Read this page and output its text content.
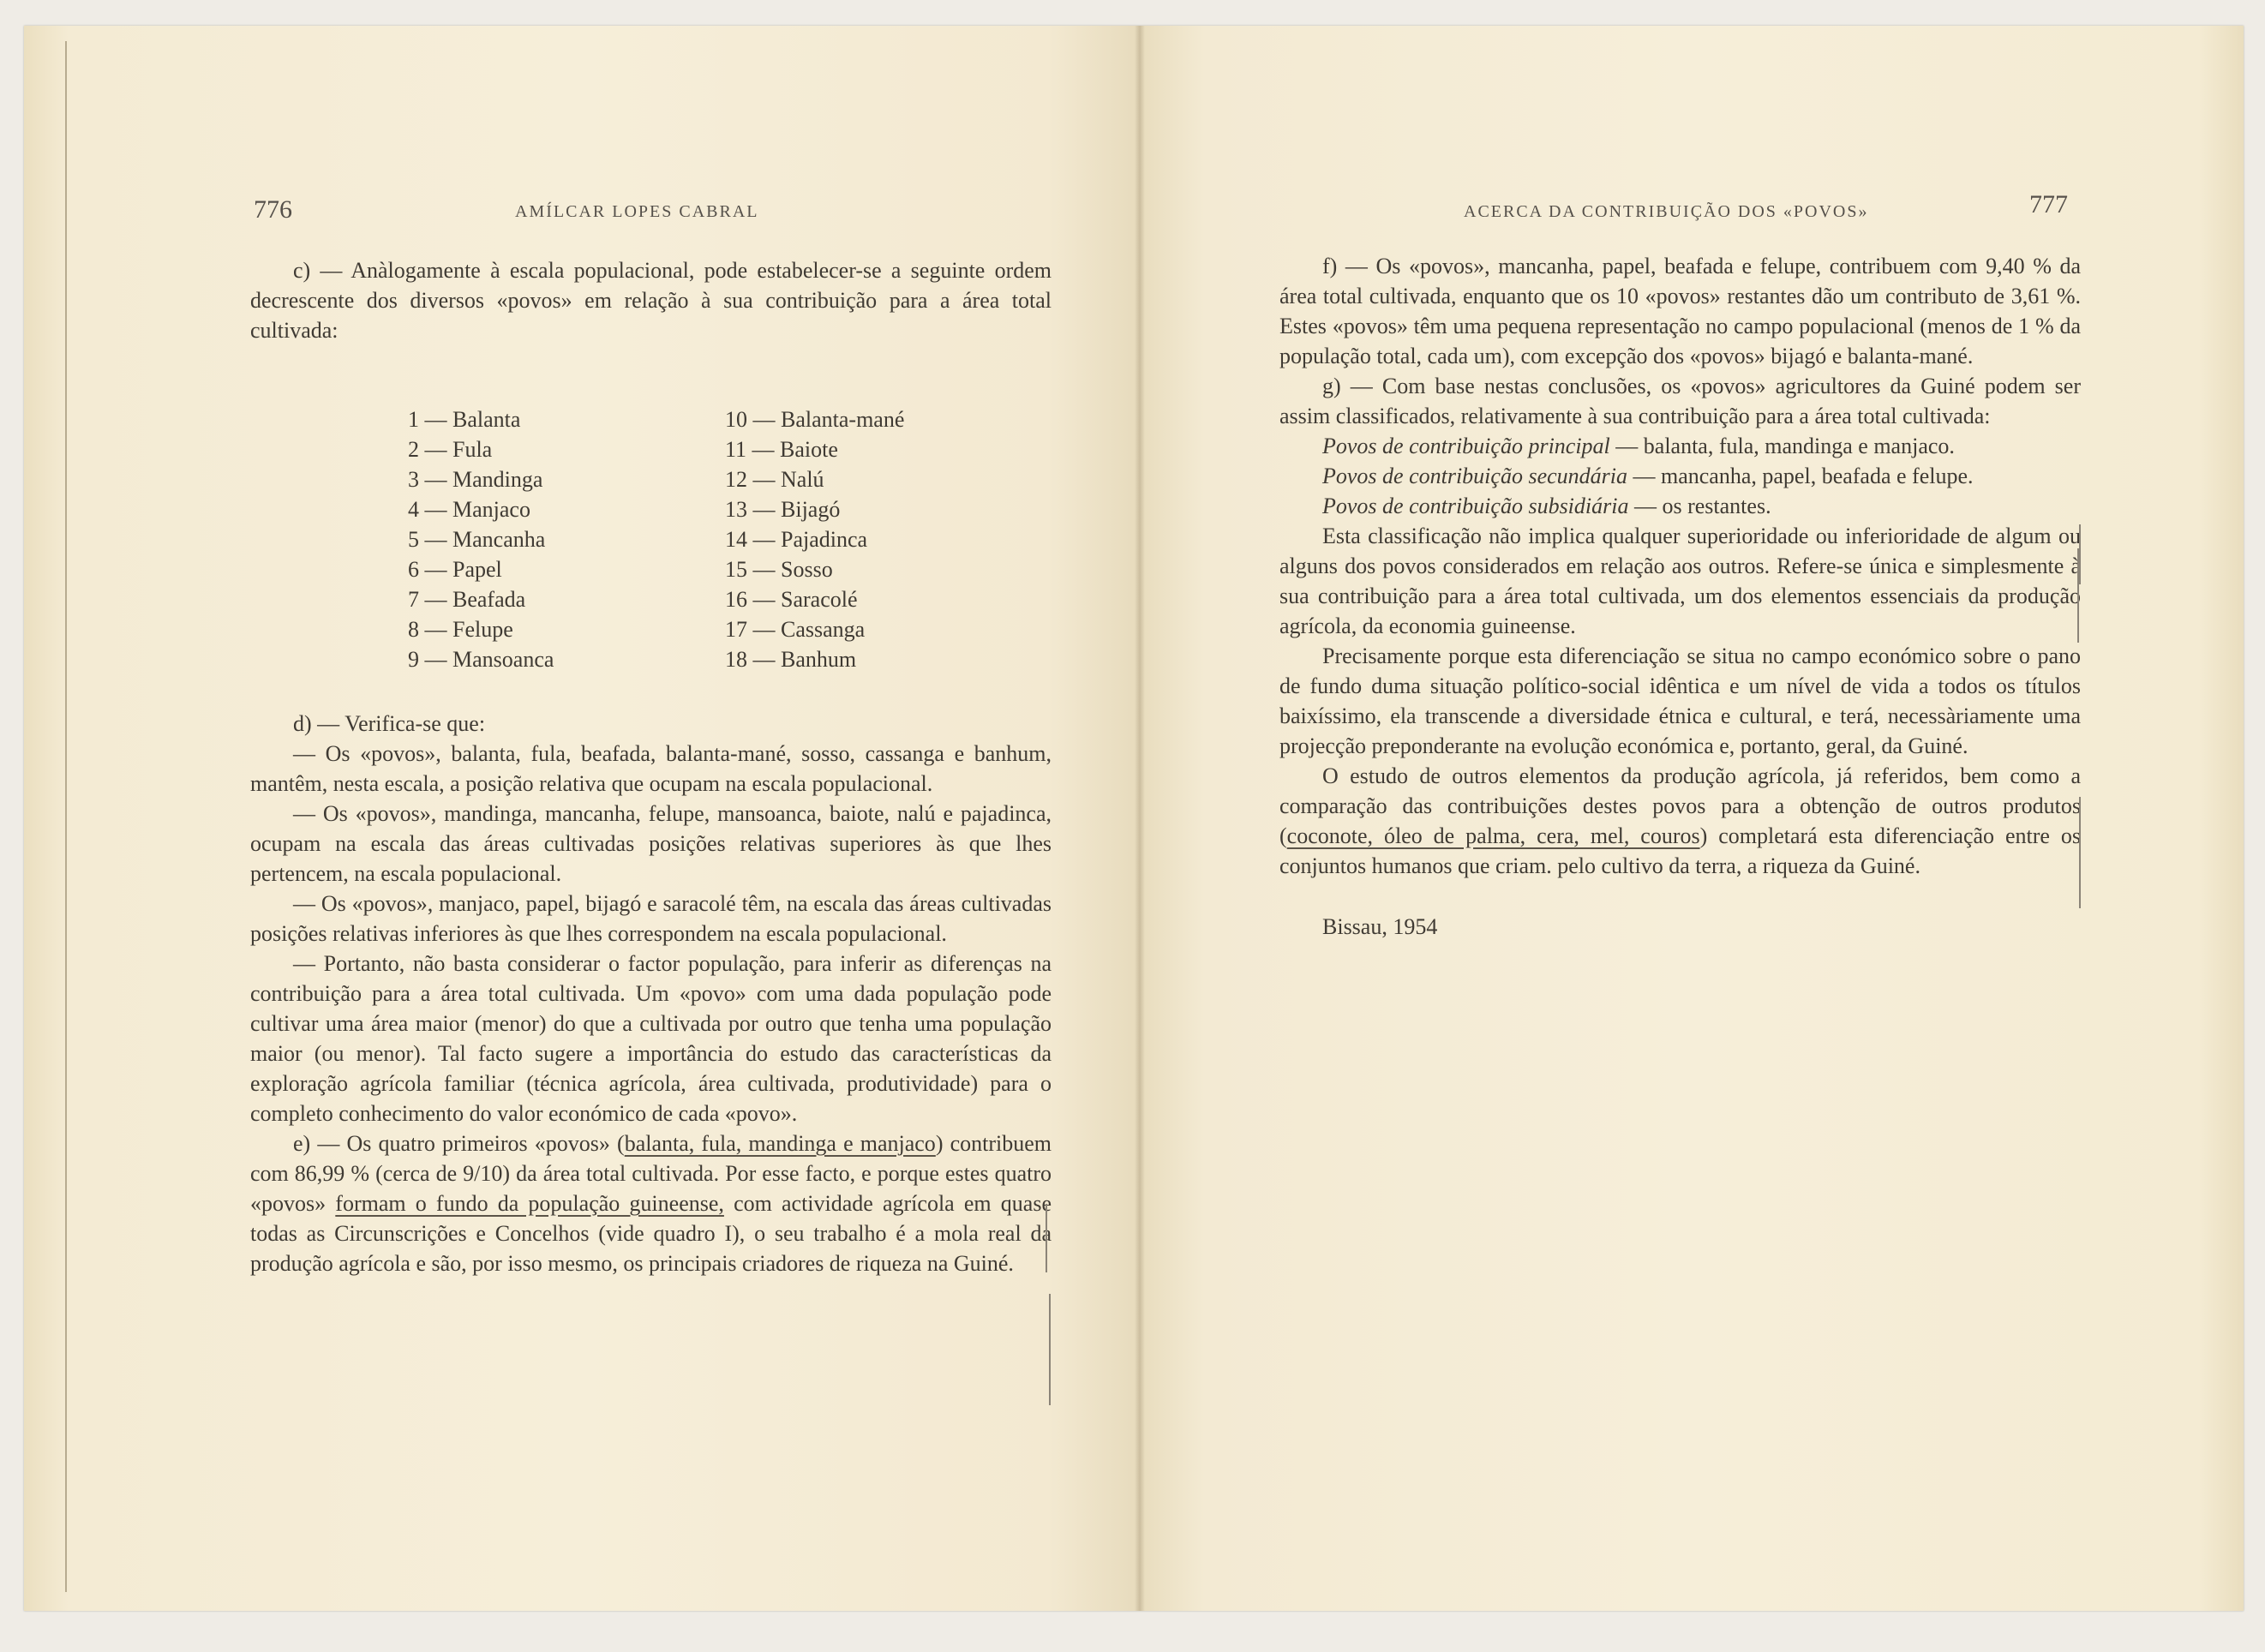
776	AMÍLCAR LOPES CABRAL

c) — Anàlogamente à escala populacional, pode estabelecer-se a seguinte ordem decrescente dos diversos «povos» em relação à sua contribuição para a área total cultivada:

1 — Balanta
2 — Fula
3 — Mandinga
4 — Manjaco
5 — Mancanha
6 — Papel
7 — Beafada
8 — Felupe
9 — Mansoanca
10 — Balanta-mané
11 — Baiote
12 — Nalú
13 — Bijagó
14 — Pajadinca
15 — Sosso
16 — Saracolé
17 — Cassanga
18 — Banhum

d) — Verifica-se que:

— Os «povos», balanta, fula, beafada, balanta-mané, sosso, cassanga e banhum, mantêm, nesta escala, a posição relativa que ocupam na escala populacional.

— Os «povos», mandinga, mancanha, felupe, mansoanca, baiote, nalú e pajadinca, ocupam na escala das áreas cultivadas posições relativas superiores às que lhes pertencem, na escala populacional.

— Os «povos», manjaco, papel, bijagó e saracolé têm, na escala das áreas cultivadas posições relativas inferiores às que lhes correspondem na escala populacional.

— Portanto, não basta considerar o factor população, para inferir as diferenças na contribuição para a área total cultivada. Um «povo» com uma dada população pode cultivar uma área maior (menor) do que a cultivada por outro que tenha uma população maior (ou menor). Tal facto sugere a importância do estudo das características da exploração agrícola familiar (técnica agrícola, área cultivada, produtividade) para o completo conhecimento do valor económico de cada «povo».

e) — Os quatro primeiros «povos» (balanta, fula, mandinga e manjaco) contribuem com 86,99 % (cerca de 9/10) da área total cultivada. Por esse facto, e porque estes quatro «povos» formam o fundo da população guineense, com actividade agrícola em quase todas as Circunscrições e Concelhos (vide quadro I), o seu trabalho é a mola real da produção agrícola e são, por isso mesmo, os principais criadores de riqueza na Guiné.

ACERCA DA CONTRIBUIÇÃO DOS «POVOS»	777

f) — Os «povos», mancanha, papel, beafada e felupe, contribuem com 9,40 % da área total cultivada, enquanto que os 10 «povos» restantes dão um contributo de 3,61 %. Estes «povos» têm uma pequena representação no campo populacional (menos de 1 % da população total, cada um), com excepção dos «povos» bijagó e balanta-mané.

g) — Com base nestas conclusões, os «povos» agricultores da Guiné podem ser assim classificados, relativamente à sua contribuição para a área total cultivada:

Povos de contribuição principal — balanta, fula, mandinga e manjaco.

Povos de contribuição secundária — mancanha, papel, beafada e felupe.

Povos de contribuição subsidiária — os restantes.

Esta classificação não implica qualquer superioridade ou inferioridade de algum ou alguns dos povos considerados em relação aos outros. Refere-se única e simplesmente à sua contribuição para a área total cultivada, um dos elementos essenciais da produção agrícola, da economia guineense.

Precisamente porque esta diferenciação se situa no campo económico sobre o pano de fundo duma situação político-social idêntica e um nível de vida a todos os títulos baixíssimo, ela transcende a diversidade étnica e cultural, e terá, necessàriamente uma projecção preponderante na evolução económica e, portanto, geral, da Guiné.

O estudo de outros elementos da produção agrícola, já referidos, bem como a comparação das contribuições destes povos para a obtenção de outros produtos (coconote, óleo de palma, cera, mel, couros) completará esta diferenciação entre os conjuntos humanos que criam. pelo cultivo da terra, a riqueza da Guiné.

Bissau, 1954
